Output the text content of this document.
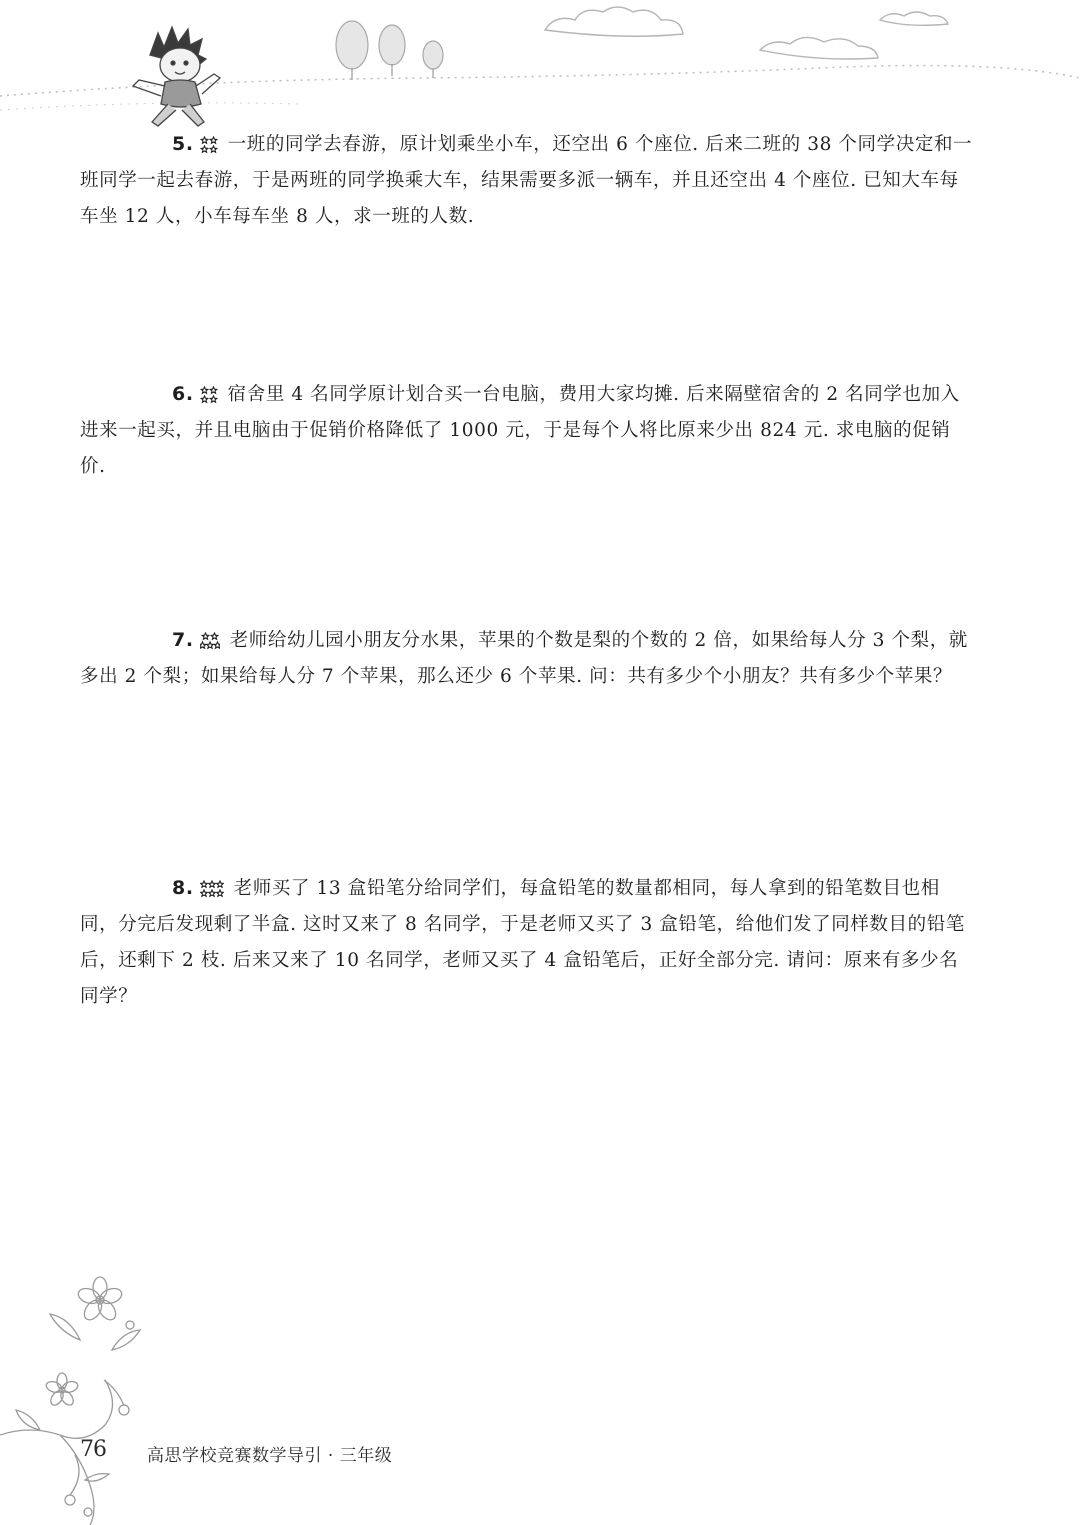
5. 一班的同学去春游，原计划乘坐小车，还空出 6 个座位. 后来二班的 38 个同学决定和一班同学一起去春游，于是两班的同学换乘大车，结果需要多派一辆车，并且还空出 4 个座位. 已知大车每车坐 12 人，小车每车坐 8 人，求一班的人数.

6. 宿舍里 4 名同学原计划合买一台电脑，费用大家均摊. 后来隔壁宿舍的 2 名同学也加入进来一起买，并且电脑由于促销价格降低了 1000 元，于是每个人将比原来少出 824 元. 求电脑的促销价.

7. 老师给幼儿园小朋友分水果，苹果的个数是梨的个数的 2 倍，如果给每人分 3 个梨，就多出 2 个梨；如果给每人分 7 个苹果，那么还少 6 个苹果. 问：共有多少个小朋友？共有多少个苹果？

8. 老师买了 13 盒铅笔分给同学们，每盒铅笔的数量都相同，每人拿到的铅笔数目也相同，分完后发现剩了半盒. 这时又来了 8 名同学，于是老师又买了 3 盒铅笔，给他们发了同样数目的铅笔后，还剩下 2 枝. 后来又来了 10 名同学，老师又买了 4 盒铅笔后，正好全部分完. 请问：原来有多少名同学？

76 高思学校竞赛数学导引 · 三年级
